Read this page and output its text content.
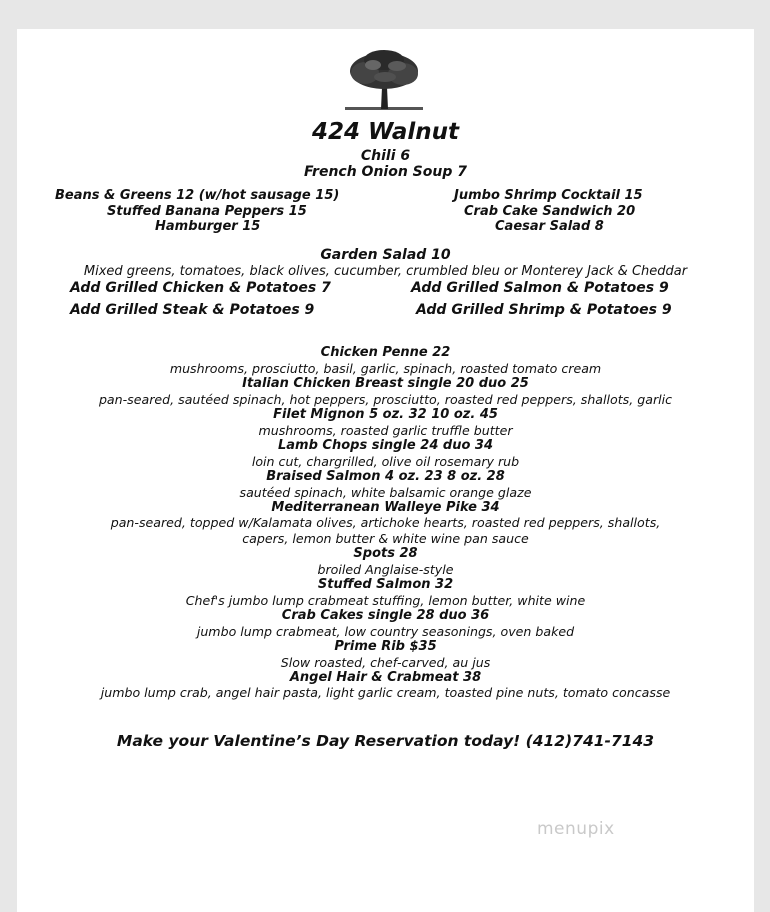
424 Walnut
Chili 6
French Onion Soup 7
Beans & Greens 12 (w/hot sausage 15)
Stuffed Banana Peppers 15
Hamburger 15
Jumbo Shrimp Cocktail 15
Crab Cake Sandwich 20
Caesar Salad 8
Garden Salad 10
Mixed greens, tomatoes, black olives, cucumber, crumbled bleu or Monterey Jack & Cheddar
Add Grilled Chicken & Potatoes 7	Add Grilled Salmon & Potatoes 9
Add Grilled Steak & Potatoes 9	Add Grilled Shrimp & Potatoes 9
Chicken Penne 22
mushrooms, prosciutto, basil, garlic, spinach, roasted tomato cream
Italian Chicken Breast single 20 duo 25
pan-seared, sautéed spinach, hot peppers, prosciutto, roasted red peppers, shallots, garlic
Filet Mignon 5 oz. 32 10 oz. 45
mushrooms, roasted garlic truffle butter
Lamb Chops single 24 duo 34
loin cut, chargrilled, olive oil rosemary rub
Braised Salmon 4 oz. 23 8 oz. 28
sautéed spinach, white balsamic orange glaze
Mediterranean Walleye Pike 34
pan-seared, topped w/Kalamata olives, artichoke hearts, roasted red peppers, shallots,
capers, lemon butter & white wine pan sauce
Spots 28
broiled Anglaise-style
Stuffed Salmon 32
Chef's jumbo lump crabmeat stuffing, lemon butter, white wine
Crab Cakes single 28 duo 36
jumbo lump crabmeat, low country seasonings, oven baked
Prime Rib $35
Slow roasted, chef-carved, au jus
Angel Hair & Crabmeat 38
jumbo lump crab, angel hair pasta, light garlic cream, toasted pine nuts, tomato concasse
Make your Valentine’s Day Reservation today! (412)741-7143
menupix
